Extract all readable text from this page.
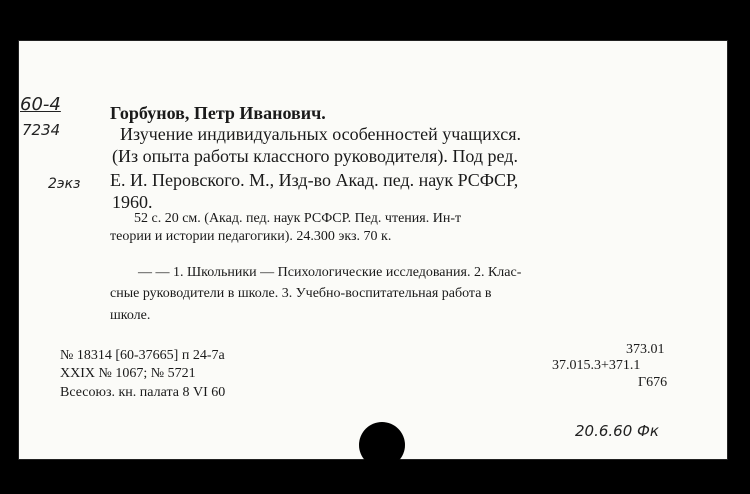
60-4
7234
2экз
20.6.60 Фк
Горбунов, Петр Иванович.
Изучение индивидуальных особенностей учащихся.
(Из опыта работы классного руководителя). Под ред.
Е. И. Перовского. М., Изд-во Акад. пед. наук РСФСР,
1960.
52 с. 20 см. (Акад. пед. наук РСФСР. Пед. чтения. Ин-т
теории и истории педагогики). 24.300 экз. 70 к.
— — 1. Школьники — Психологические исследования. 2. Клас-
сные руководители в школе. 3. Учебно-воспитательная работа в
школе.
№ 18314 [60-37665] п 24-7а
XXIX № 1067; № 5721
Всесоюз. кн. палата 8 VI 60
373.01
37.015.3+371.1
Г676
